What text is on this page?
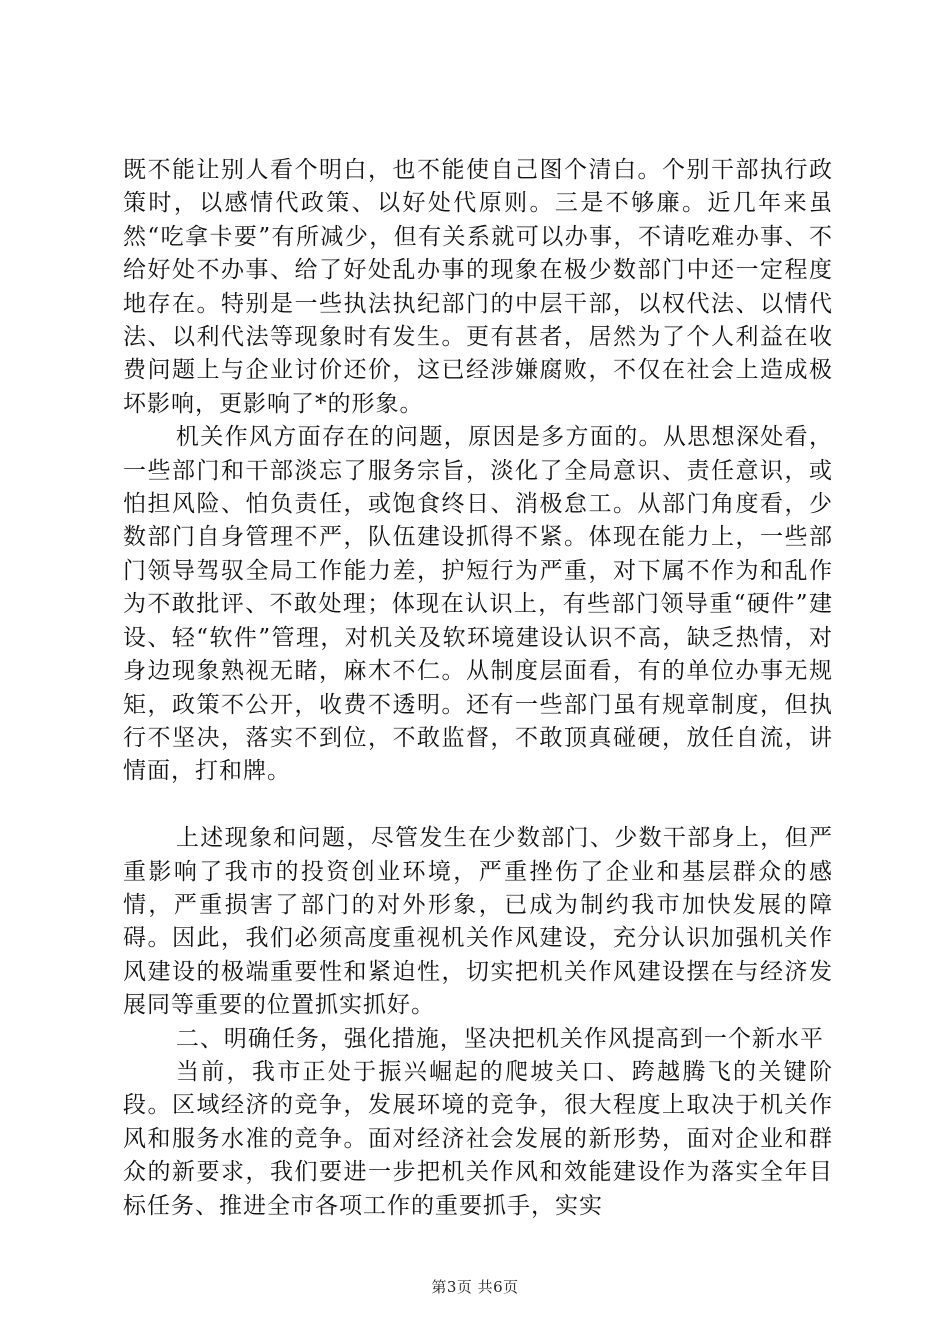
既不能让别人看个明白，也不能使自己图个清白。个别干部执行政策时，以感情代政策、以好处代原则。三是不够廉。近几年来虽然“吃拿卡要”有所减少，但有关系就可以办事，不请吃难办事、不给好处不办事、给了好处乱办事的现象在极少数部门中还一定程度地存在。特别是一些执法执纪部门的中层干部，以权代法、以情代法、以利代法等现象时有发生。更有甚者，居然为了个人利益在收费问题上与企业讨价还价，这已经涉嫌腐败，不仅在社会上造成极坏影响，更影响了*的形象。

机关作风方面存在的问题，原因是多方面的。从思想深处看，一些部门和干部淡忘了服务宗旨，淡化了全局意识、责任意识，或怕担风险、怕负责任，或饱食终日、消极怠工。从部门角度看，少数部门自身管理不严，队伍建设抓得不紧。体现在能力上，一些部门领导驾驭全局工作能力差，护短行为严重，对下属不作为和乱作为不敢批评、不敢处理；体现在认识上，有些部门领导重“硬件”建设、轻“软件”管理，对机关及软环境建设认识不高，缺乏热情，对身边现象熟视无睹，麻木不仁。从制度层面看，有的单位办事无规矩，政策不公开，收费不透明。还有一些部门虽有规章制度，但执行不坚决，落实不到位，不敢监督，不敢顶真碰硬，放任自流，讲情面，打和牌。

上述现象和问题，尽管发生在少数部门、少数干部身上，但严重影响了我市的投资创业环境，严重挫伤了企业和基层群众的感情，严重损害了部门的对外形象，已成为制约我市加快发展的障碍。因此，我们必须高度重视机关作风建设，充分认识加强机关作风建设的极端重要性和紧迫性，切实把机关作风建设摆在与经济发展同等重要的位置抓实抓好。

二、明确任务，强化措施，坚决把机关作风提高到一个新水平

当前，我市正处于振兴崛起的爬坡关口、跨越腾飞的关键阶段。区域经济的竞争，发展环境的竞争，很大程度上取决于机关作风和服务水准的竞争。面对经济社会发展的新形势，面对企业和群众的新要求，我们要进一步把机关作风和效能建设作为落实全年目标任务、推进全市各项工作的重要抓手，实实

第3页 共6页
